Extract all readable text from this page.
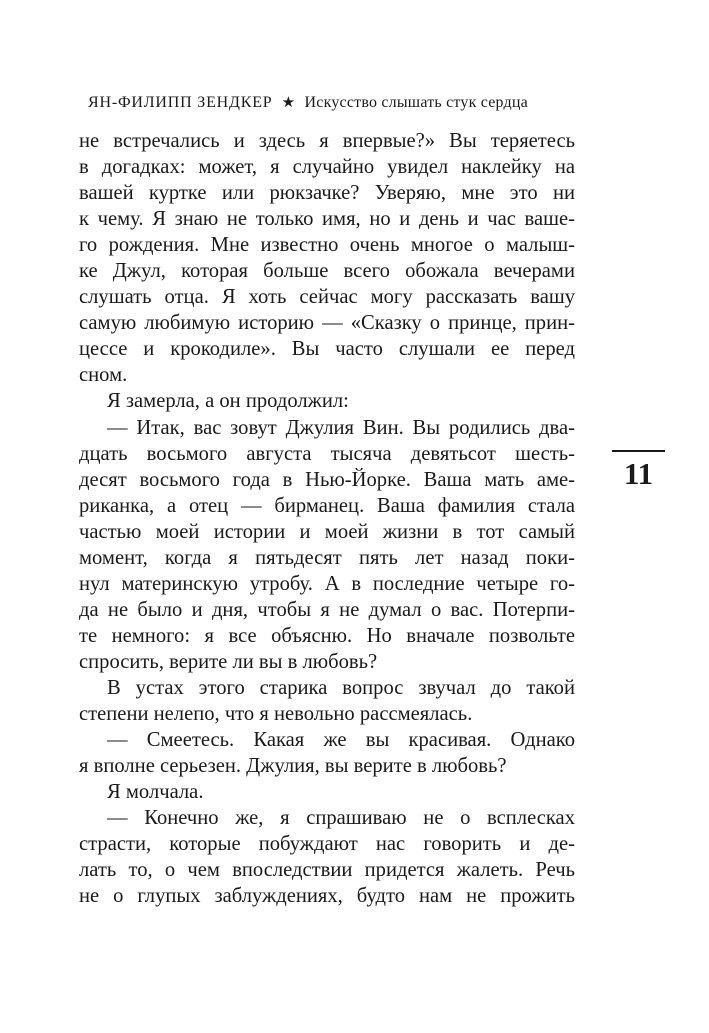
ЯН-ФИЛИПП ЗЕНДКЕР ★ Искусство слышать стук сердца
не встречались и здесь я впервые?» Вы теряетесь
в догадках: может, я случайно увидел наклейку на
вашей куртке или рюкзачке? Уверяю, мне это ни
к чему. Я знаю не только имя, но и день и час ваше-
го рождения. Мне известно очень многое о малыш-
ке Джул, которая больше всего обожала вечерами
слушать отца. Я хоть сейчас могу рассказать вашу
самую любимую историю — «Сказку о принце, прин-
цессе и крокодиле». Вы часто слушали ее перед
сном.
Я замерла, а он продолжил:
— Итак, вас зовут Джулия Вин. Вы родились два-
дцать восьмого августа тысяча девятьсот шесть-
десят восьмого года в Нью-Йорке. Ваша мать аме-
риканка, а отец — бирманец. Ваша фамилия стала
частью моей истории и моей жизни в тот самый
момент, когда я пятьдесят пять лет назад поки-
нул материнскую утробу. А в последние четыре го-
да не было и дня, чтобы я не думал о вас. Потерпи-
те немного: я все объясню. Но вначале позвольте
спросить, верите ли вы в любовь?
В устах этого старика вопрос звучал до такой
степени нелепо, что я невольно рассмеялась.
— Смеетесь. Какая же вы красивая. Однако
я вполне серьезен. Джулия, вы верите в любовь?
Я молчала.
— Конечно же, я спрашиваю не о всплесках
страсти, которые побуждают нас говорить и де-
лать то, о чем впоследствии придется жалеть. Речь
не о глупых заблуждениях, будто нам не прожить
11
